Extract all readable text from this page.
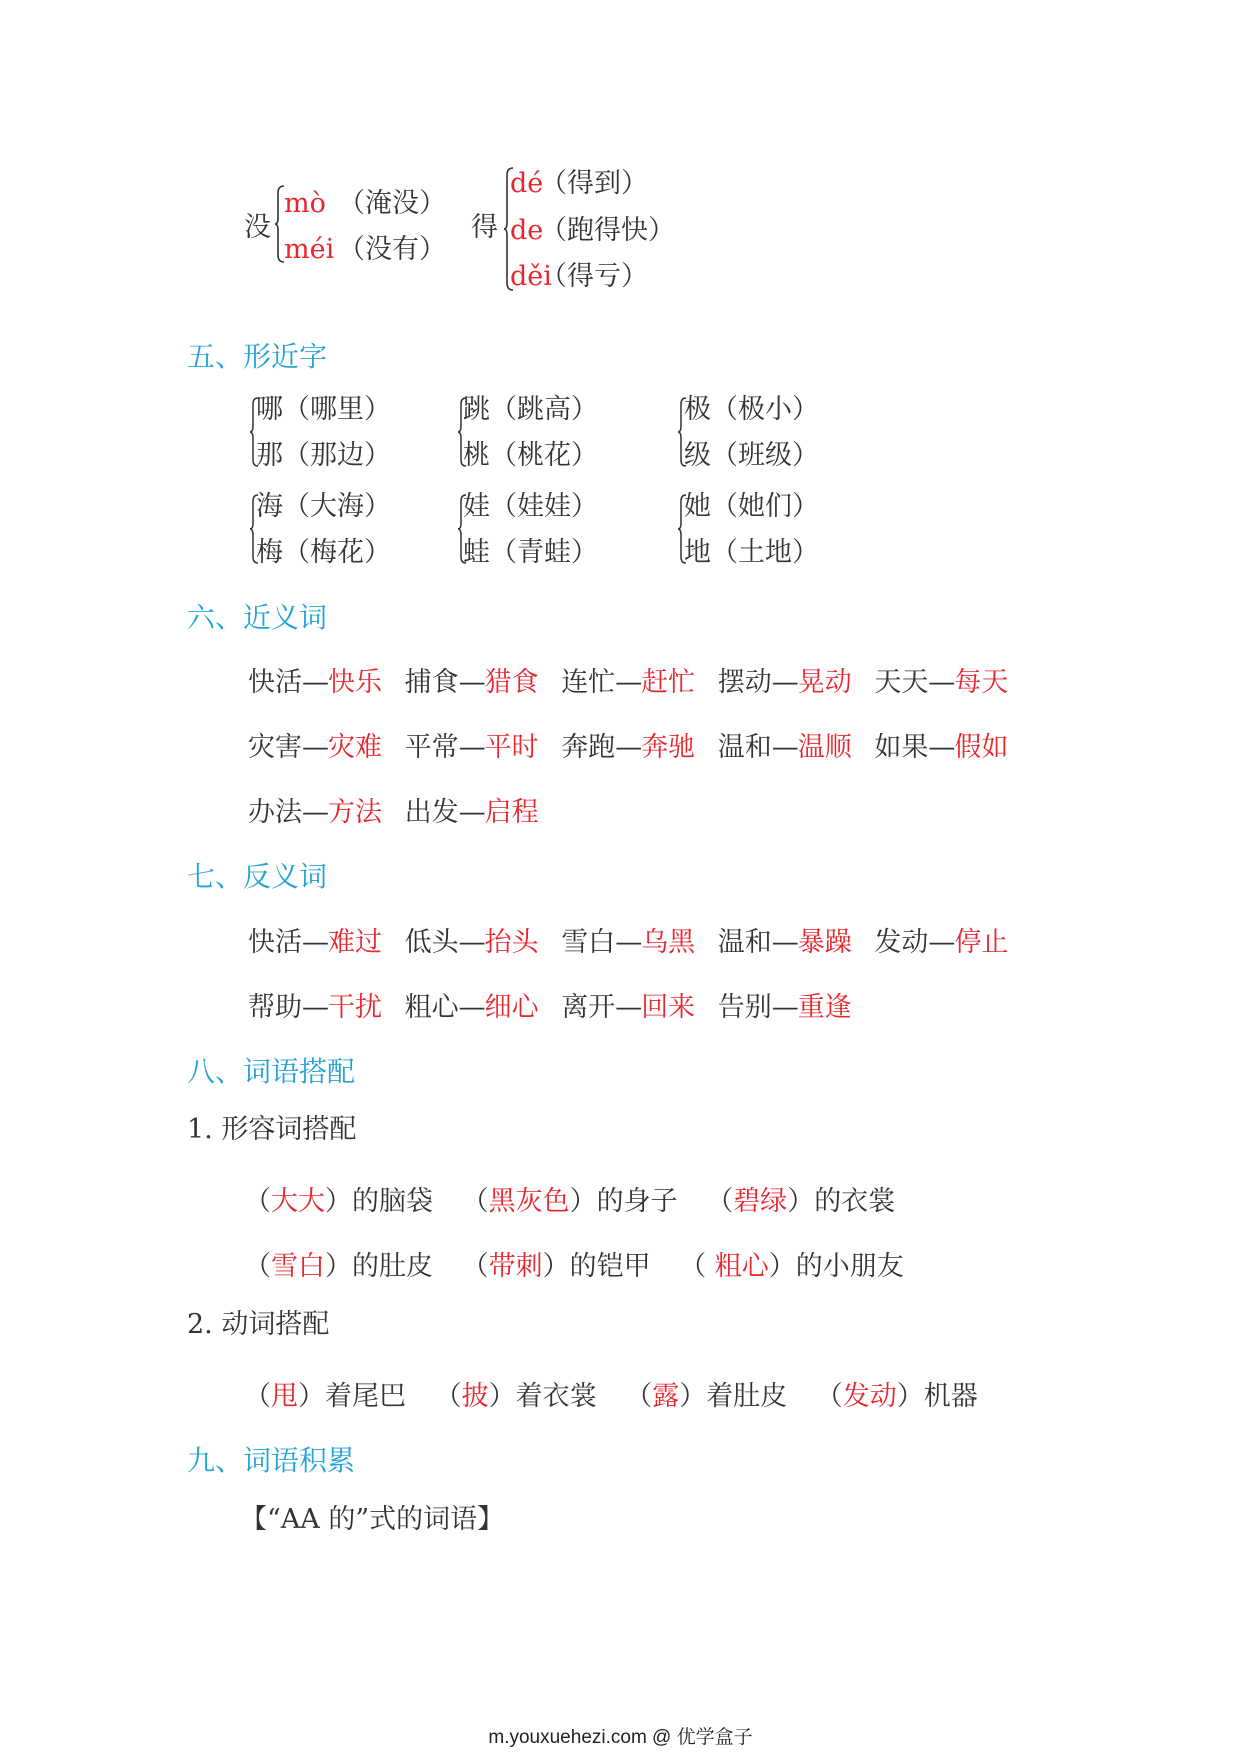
没
mò （淹没）
méi （没有）
得
dé
（得到）
de
（跑得快）
děi
（得亏）
五、形近字
哪（哪里）
那（那边）
跳（跳高）
桃（桃花）
极（极小）
级（班级）
海（大海）
梅（梅花）
娃（娃娃）
蛙（青蛙）
她（她们）
地（土地）
六、近义词
快活—快乐 捕食—猎食 连忙—赶忙 摆动—晃动 天天—每天
灾害—灾难 平常—平时 奔跑—奔驰 温和—温顺 如果—假如
办法—方法 出发—启程
七、反义词
快活—难过 低头—抬头 雪白—乌黑 温和—暴躁 发动—停止
帮助—干扰 粗心—细心 离开—回来 告别—重逢
八、词语搭配
1. 形容词搭配
（大大）的脑袋 （黑灰色）的身子 （碧绿）的衣裳
（雪白）的肚皮 （带刺）的铠甲 （ 粗心）的小朋友
2. 动词搭配
（甩）着尾巴 （披）着衣裳 （露）着肚皮 （发动）机器
九、词语积累
【“AA 的”式的词语】
m.youxuehezi.com @ 优学盒子
